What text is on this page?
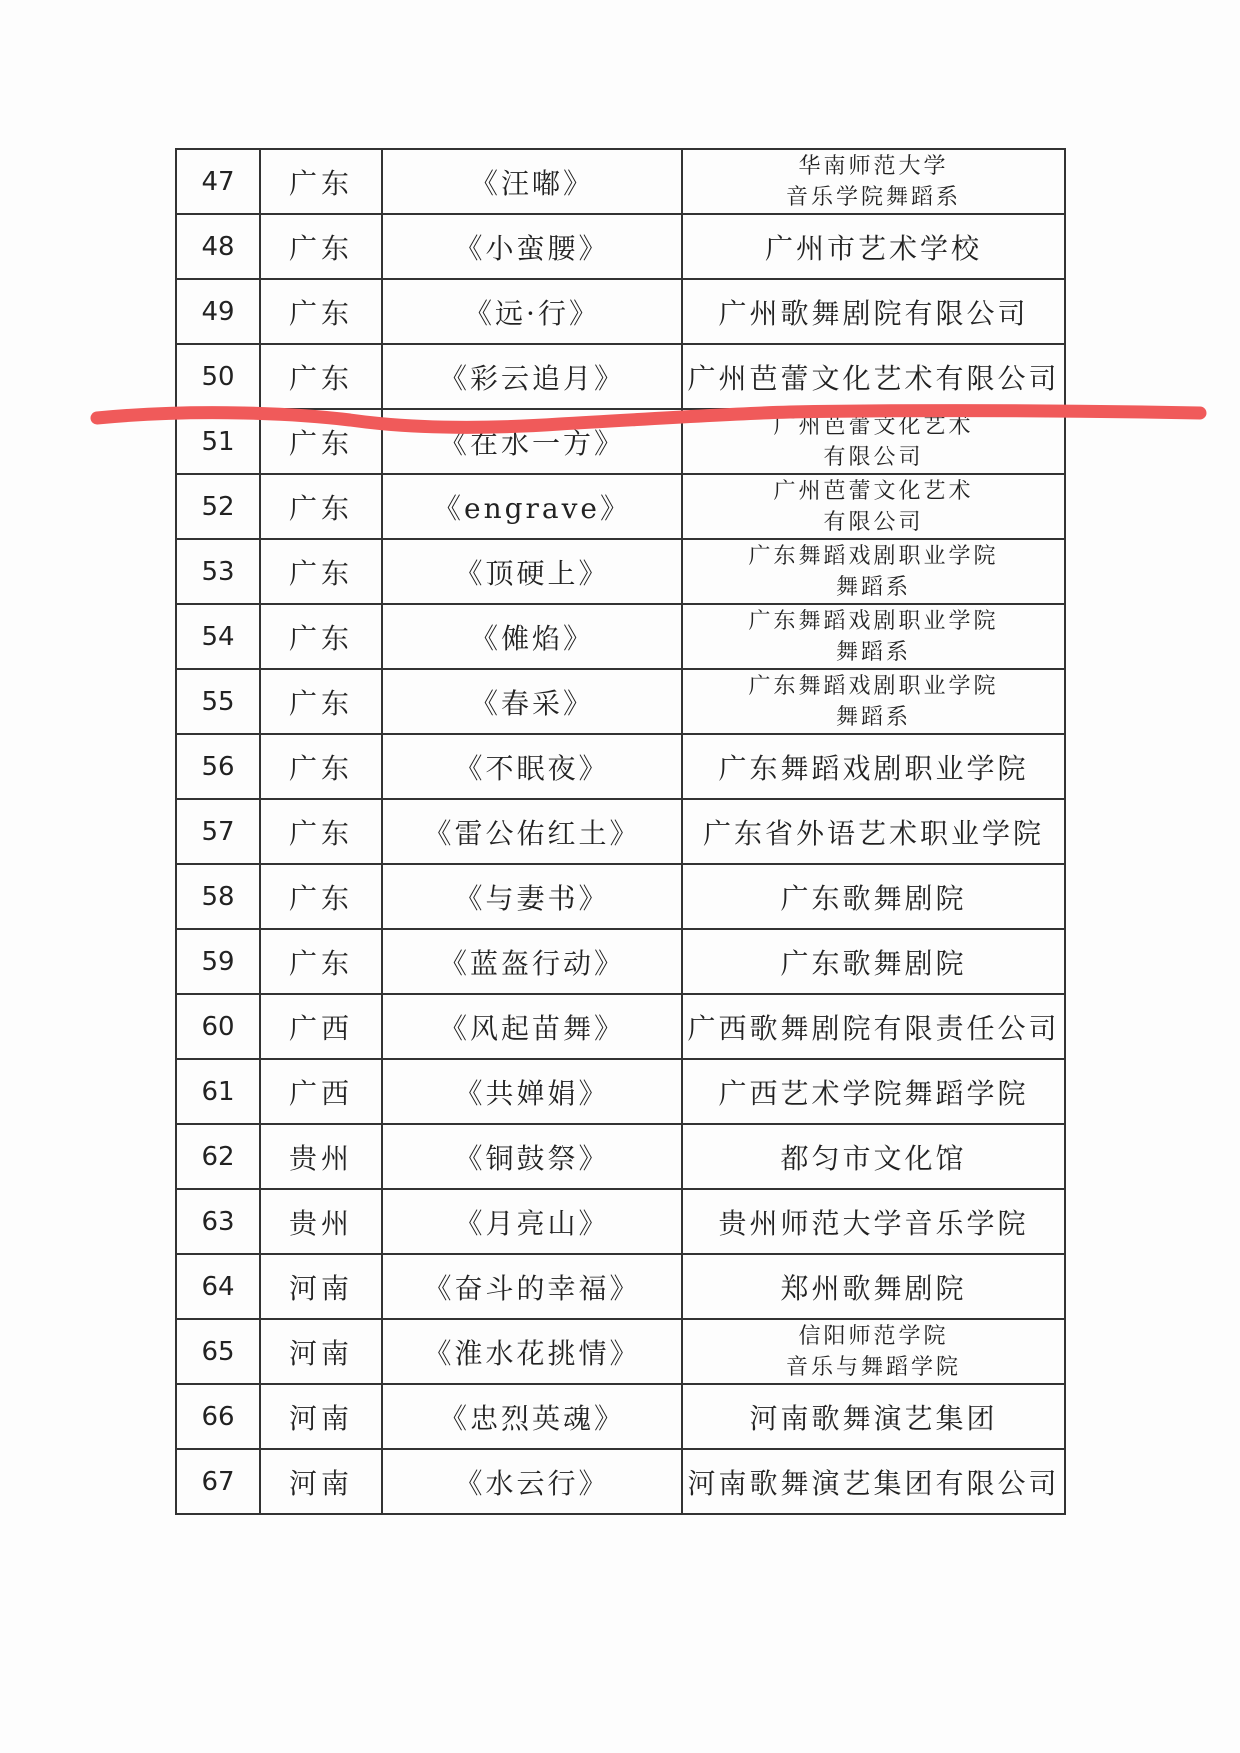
47	广东	《汪嘟》	华南师范大学
音乐学院舞蹈系

48	广东	《小蛮腰》	广州市艺术学校
49	广东	《远·行》	广州歌舞剧院有限公司
50	广东	《彩云追月》	广州芭蕾文化艺术有限公司
51	广东	《在水一方》	广州芭蕾文化艺术
有限公司

52	广东	《engrave》	广州芭蕾文化艺术
有限公司

53	广东	《顶硬上》	广东舞蹈戏剧职业学院
舞蹈系

54	广东	《傩焰》	广东舞蹈戏剧职业学院
舞蹈系

55	广东	《春采》	广东舞蹈戏剧职业学院
舞蹈系

56	广东	《不眠夜》	广东舞蹈戏剧职业学院
57	广东	《雷公佑红土》	广东省外语艺术职业学院
58	广东	《与妻书》	广东歌舞剧院
59	广东	《蓝盔行动》	广东歌舞剧院
60	广西	《风起苗舞》	广西歌舞剧院有限责任公司
61	广西	《共婵娟》	广西艺术学院舞蹈学院
62	贵州	《铜鼓祭》	都匀市文化馆
63	贵州	《月亮山》	贵州师范大学音乐学院
64	河南	《奋斗的幸福》	郑州歌舞剧院
65	河南	《淮水花挑情》	信阳师范学院
音乐与舞蹈学院

66	河南	《忠烈英魂》	河南歌舞演艺集团
67	河南	《水云行》	河南歌舞演艺集团有限公司
